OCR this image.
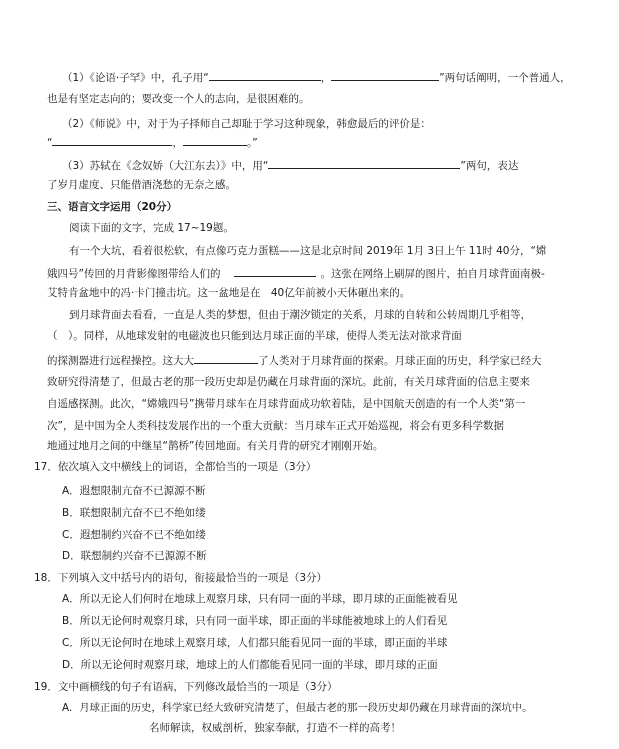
（1）《论语·子罕》中，孔子用“	，	”两句话阐明，一个普通人，
也是有坚定志向的；要改变一个人的志向，是很困难的。
（2）《师说》中，对于为子择师自己却耻于学习这种现象，韩愈最后的评价是：
“	，	。”
（3）苏轼在《念奴娇（大江东去）》中，用“	”两句，表达
了岁月虚度、只能借酒浇愁的无奈之感。
三、语言文字运用（20分）
阅读下面的文字，完成 17~19题。
有一个大坑，看着很松软，有点像巧克力蛋糕——这是北京时间 2019年 1月 3日上午 11时 40分，“嫦
娥四号”传回的月背影像图带给人们的	。这张在网络上刷屏的图片，拍自月球背面南极-
艾特肯盆地中的冯·卡门撞击坑。这一盆地是在　40亿年前被小天体砸出来的。
到月球背面去看看，一直是人类的梦想，但由于潮汐锁定的关系，月球的自转和公转周期几乎相等，
（　）。同样，从地球发射的电磁波也只能到达月球正面的半球，使得人类无法对欲求背面
的探测器进行远程操控。这大大	了人类对于月球背面的探索。月球正面的历史，科学家已经大
致研究得清楚了，但最古老的那一段历史却是仍藏在月球背面的深坑。此前，有关月球背面的信息主要来
自遥感探测。此次，“嫦娥四号”携带月球车在月球背面成功软着陆，是中国航天创造的有一个人类“第一
次”，是中国为全人类科技发展作出的一个重大贡献：当月球车正式开始巡视，将会有更多科学数据
地通过地月之间的中继星“鹊桥”传回地面。有关月背的研究才刚刚开始。
17．依次填入文中横线上的词语，全都恰当的一项是（3分）
A．遐想限制亢奋不已源源不断
B．联想限制亢奋不已不绝如缕
C．遐想制约兴奋不已不绝如缕
D．联想制约兴奋不已源源不断
18．下列填入文中括号内的语句，衔接最恰当的一项是（3分）
A．所以无论人们何时在地球上观察月球，只有同一面的半球，即月球的正面能被看见
B．所以无论何时观察月球，只有同一面半球，即正面的半球能被地球上的人们看见
C．所以无论何时在地球上观察月球，人们都只能看见同一面的半球，即正面的半球
D．所以无论何时观察月球，地球上的人们都能看见同一面的半球，即月球的正面
19．文中画横线的句子有语病，下列修改最恰当的一项是（3分）
A．月球正面的历史，科学家已经大致研究清楚了，但最古老的那一段历史却仍藏在月球背面的深坑中。
名师解读，权威剖析，独家奉献，打造不一样的高考！
